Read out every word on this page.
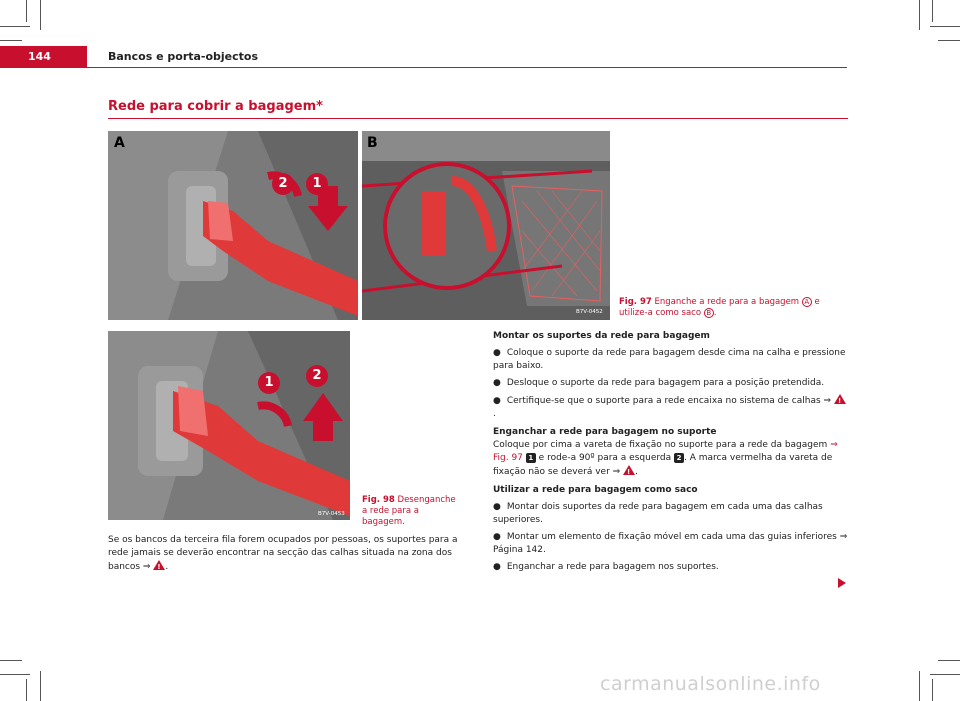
144	Bancos e porta-objectos
Rede para cobrir a bagagem*
A
2	1
B
B7V-0452
Fig. 97 Enganche a rede para a bagagem A e utilize-a como saco B .
1	2
B7V-0453
Fig. 98 Desenganche a rede para a bagagem.
Se os bancos da terceira fila forem ocupados por pessoas, os suportes para a rede jamais se deverão encontrar na secção das calhas situada na zona dos bancos ⇒ ! .
Montar os suportes da rede para bagagem
● Coloque o suporte da rede para bagagem desde cima na calha e pressione para baixo.
● Desloque o suporte da rede para bagagem para a posição pretendida.
● Certifique-se que o suporte para a rede encaixa no sistema de calhas ⇒ !.
Enganchar a rede para bagagem no suporte
Coloque por cima a vareta de fixação no suporte para a rede da bagagem ⇒ Fig. 97 1 e rode-a 90º para a esquerda 2 . A marca vermelha da vareta de fixação não se deverá ver ⇒ ! .
Utilizar a rede para bagagem como saco
● Montar dois suportes da rede para bagagem em cada uma das calhas superiores.
● Montar um elemento de fixação móvel em cada uma das guias inferiores ⇒ Página 142.
● Enganchar a rede para bagagem nos suportes.
carmanualsonline.info
